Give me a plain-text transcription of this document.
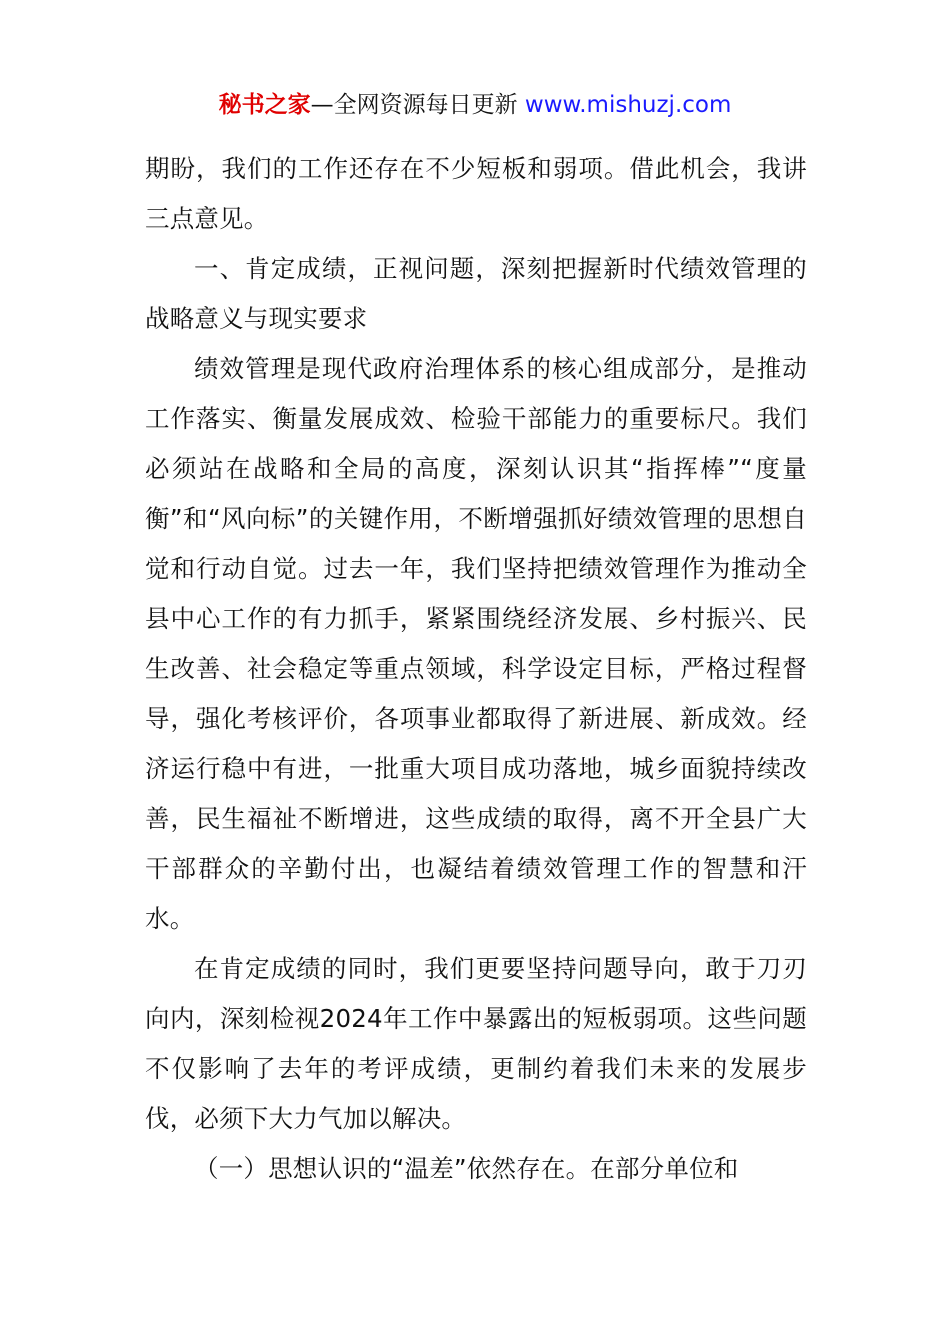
秘书之家—全网资源每日更新 www.mishuzj.com

期盼，我们的工作还存在不少短板和弱项。借此机会，我讲三点意见。

一、肯定成绩，正视问题，深刻把握新时代绩效管理的战略意义与现实要求

绩效管理是现代政府治理体系的核心组成部分，是推动工作落实、衡量发展成效、检验干部能力的重要标尺。我们必须站在战略和全局的高度，深刻认识其“指挥棒”“度量衡”和“风向标”的关键作用，不断增强抓好绩效管理的思想自觉和行动自觉。过去一年，我们坚持把绩效管理作为推动全县中心工作的有力抓手，紧紧围绕经济发展、乡村振兴、民生改善、社会稳定等重点领域，科学设定目标，严格过程督导，强化考核评价，各项事业都取得了新进展、新成效。经济运行稳中有进，一批重大项目成功落地，城乡面貌持续改善，民生福祉不断增进，这些成绩的取得，离不开全县广大干部群众的辛勤付出，也凝结着绩效管理工作的智慧和汗水。

在肯定成绩的同时，我们更要坚持问题导向，敢于刀刃向内，深刻检视2024年工作中暴露出的短板弱项。这些问题不仅影响了去年的考评成绩，更制约着我们未来的发展步伐，必须下大力气加以解决。

（一）思想认识的“温差”依然存在。在部分单位和
